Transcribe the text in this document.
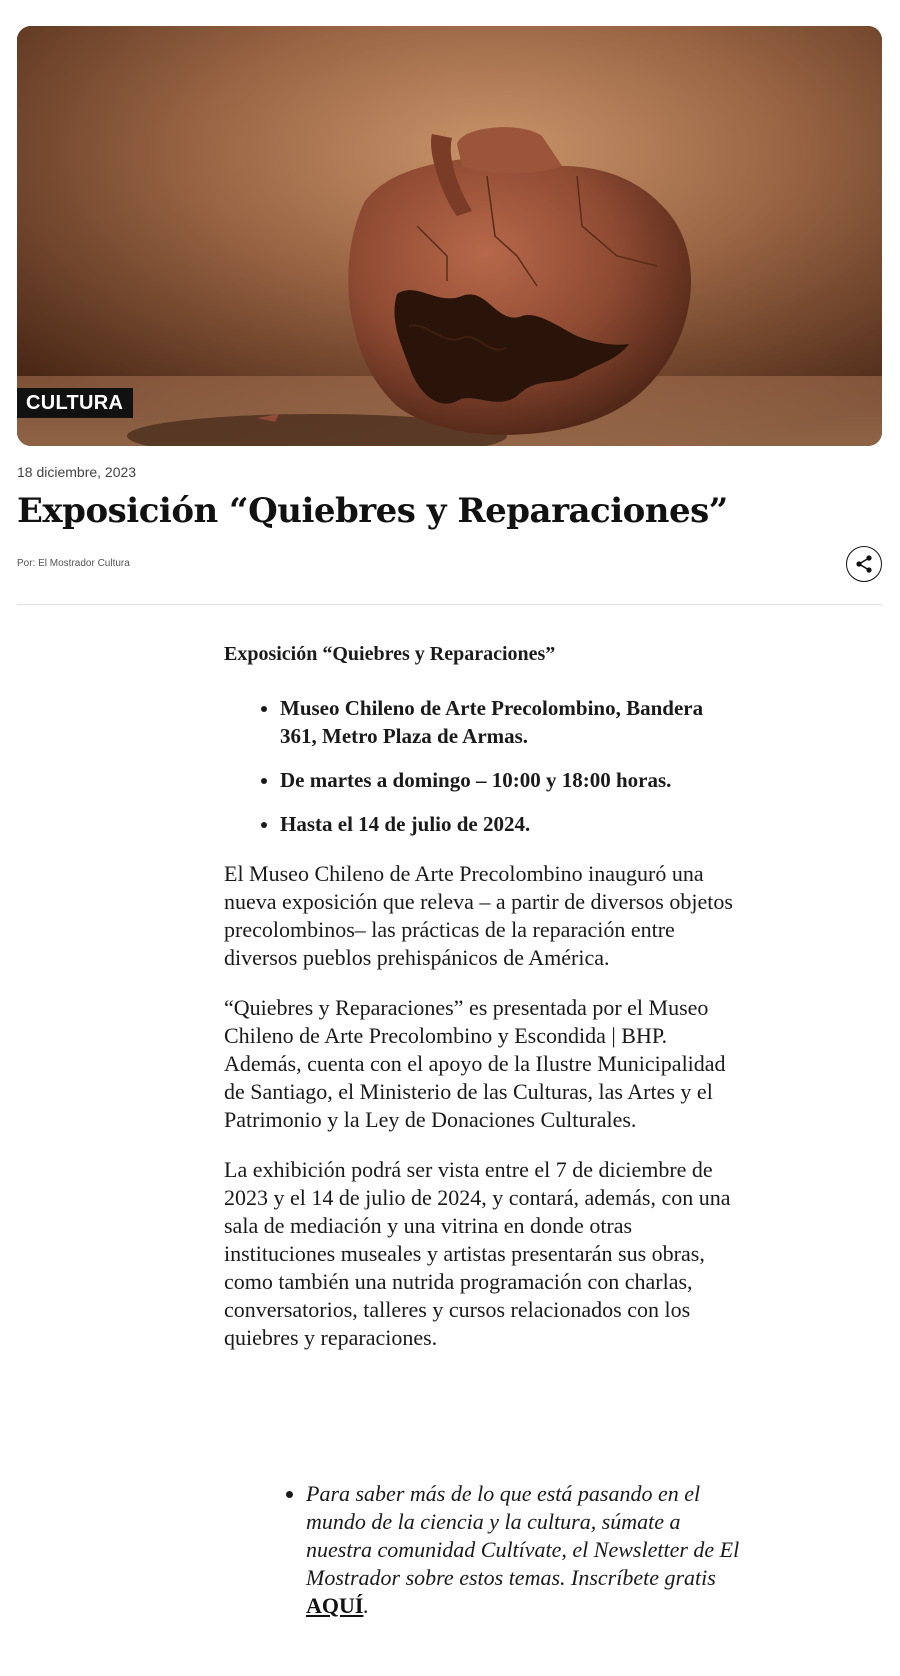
CULTURA
18 diciembre, 2023
Exposición “Quiebres y Reparaciones”
Por: El Mostrador Cultura

Exposición “Quiebres y Reparaciones”

• Museo Chileno de Arte Precolombino, Bandera 361, Metro Plaza de Armas.
• De martes a domingo – 10:00 y 18:00 horas.
• Hasta el 14 de julio de 2024.

El Museo Chileno de Arte Precolombino inauguró una nueva exposición que releva – a partir de diversos objetos precolombinos– las prácticas de la reparación entre diversos pueblos prehispánicos de América.

“Quiebres y Reparaciones” es presentada por el Museo Chileno de Arte Precolombino y Escondida | BHP. Además, cuenta con el apoyo de la Ilustre Municipalidad de Santiago, el Ministerio de las Culturas, las Artes y el Patrimonio y la Ley de Donaciones Culturales.

La exhibición podrá ser vista entre el 7 de diciembre de 2023 y el 14 de julio de 2024, y contará, además, con una sala de mediación y una vitrina en donde otras instituciones museales y artistas presentarán sus obras, como también una nutrida programación con charlas, conversatorios, talleres y cursos relacionados con los quiebres y reparaciones.

• Para saber más de lo que está pasando en el mundo de la ciencia y la cultura, súmate a nuestra comunidad Cultívate, el Newsletter de El Mostrador sobre estos temas. Inscríbete gratis AQUÍ.
